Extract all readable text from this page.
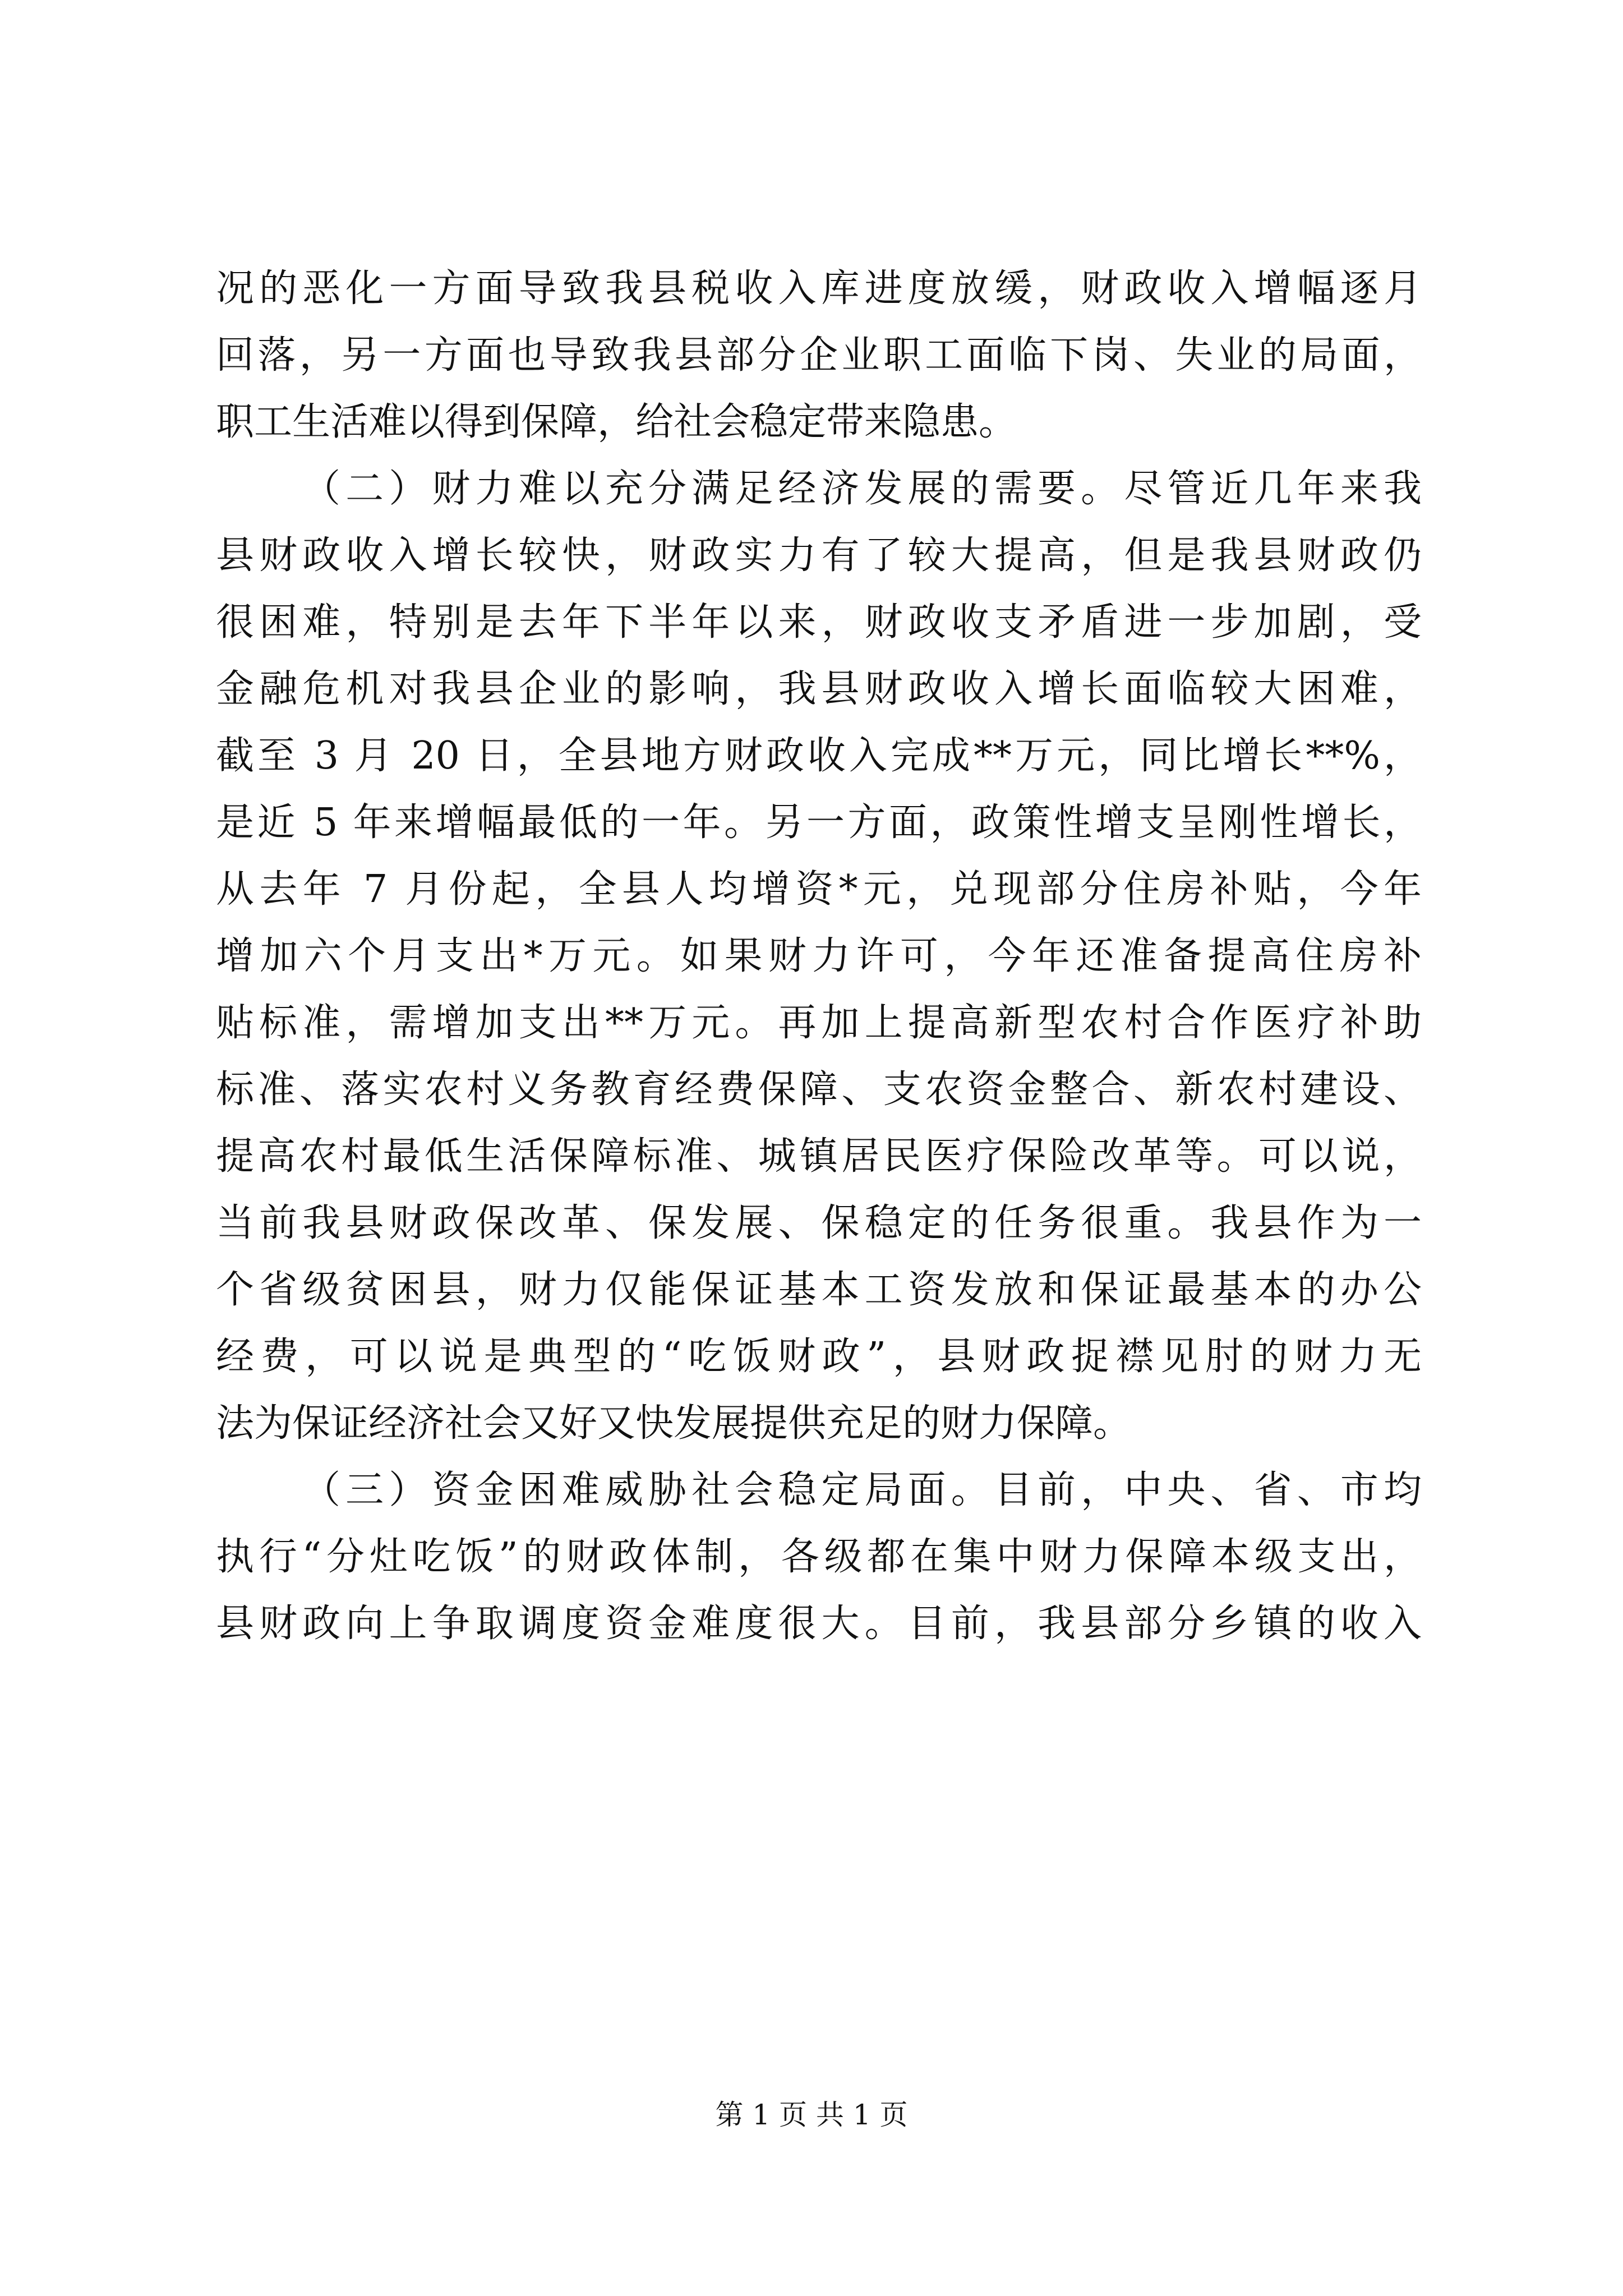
况的恶化一方面导致我县税收入库进度放缓，财政收入增幅逐月
回落，另一方面也导致我县部分企业职工面临下岗、失业的局面，
职工生活难以得到保障，给社会稳定带来隐患。
（二）财力难以充分满足经济发展的需要。尽管近几年来我
县财政收入增长较快，财政实力有了较大提高，但是我县财政仍
很困难，特别是去年下半年以来，财政收支矛盾进一步加剧，受
金融危机对我县企业的影响，我县财政收入增长面临较大困难，
截至 3 月 20 日，全县地方财政收入完成**万元，同比增长**%，
是近 5 年来增幅最低的一年。另一方面，政策性增支呈刚性增长，
从去年 7 月份起，全县人均增资*元，兑现部分住房补贴，今年
增加六个月支出*万元。如果财力许可，今年还准备提高住房补
贴标准，需增加支出**万元。再加上提高新型农村合作医疗补助
标准、落实农村义务教育经费保障、支农资金整合、新农村建设、
提高农村最低生活保障标准、城镇居民医疗保险改革等。可以说，
当前我县财政保改革、保发展、保稳定的任务很重。我县作为一
个省级贫困县，财力仅能保证基本工资发放和保证最基本的办公
经费，可以说是典型的“吃饭财政”，县财政捉襟见肘的财力无
法为保证经济社会又好又快发展提供充足的财力保障。
（三）资金困难威胁社会稳定局面。目前，中央、省、市均
执行“分灶吃饭”的财政体制，各级都在集中财力保障本级支出，
县财政向上争取调度资金难度很大。目前，我县部分乡镇的收入
第 1 页 共 1 页
